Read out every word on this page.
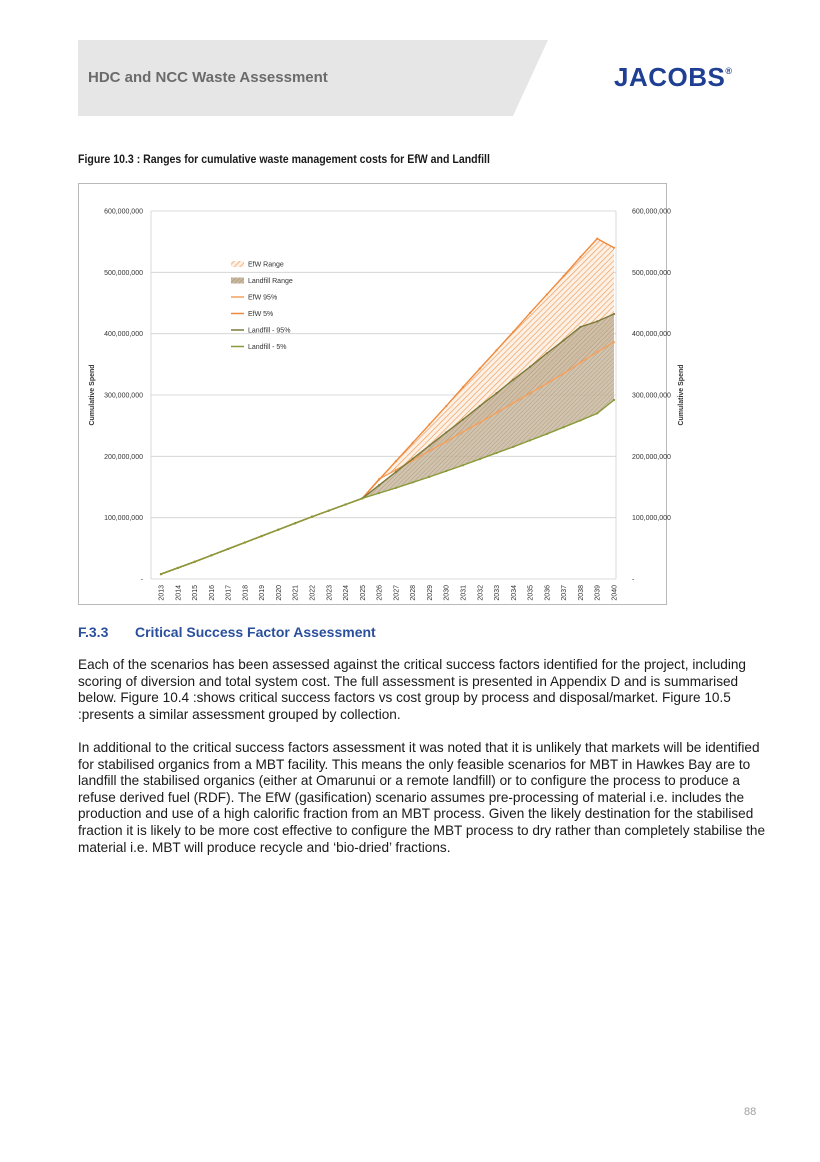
HDC and NCC Waste Assessment	JACOBS®
Figure 10.3 : Ranges for cumulative waste management costs for EfW and Landfill
-	-
100,000,000	100,000,000
200,000,000	200,000,000
300,000,000	300,000,000
400,000,000	400,000,000
500,000,000	500,000,000
600,000,000	600,000,000
2013 2014 2015 2016 2017 2018 2019 2020 2021 2022 2023 2024 2025 2026 2027 2028 2029 2030 2031 2032 2033 2034 2035 2036 2037 2038 2039 2040
Cumulative Spend	Cumulative Spend
EfW Range
Landfill Range
EfW 95%
EfW 5%
Landfill - 95%
Landfill - 5%
F.3.3 Critical Success Factor Assessment

Each of the scenarios has been assessed against the critical success factors identified for the project, including scoring of diversion and total system cost. The full assessment is presented in Appendix D and is summarised below. Figure 10.4 :shows critical success factors vs cost group by process and disposal/market. Figure 10.5 :presents a similar assessment grouped by collection.

In additional to the critical success factors assessment it was noted that it is unlikely that markets will be identified for stabilised organics from a MBT facility. This means the only feasible scenarios for MBT in Hawkes Bay are to landfill the stabilised organics (either at Omarunui or a remote landfill) or to configure the process to produce a refuse derived fuel (RDF). The EfW (gasification) scenario assumes pre-processing of material i.e. includes the production and use of a high calorific fraction from an MBT process. Given the likely destination for the stabilised fraction it is likely to be more cost effective to configure the MBT process to dry rather than completely stabilise the material i.e. MBT will produce recycle and ‘bio-dried’ fractions.

88
